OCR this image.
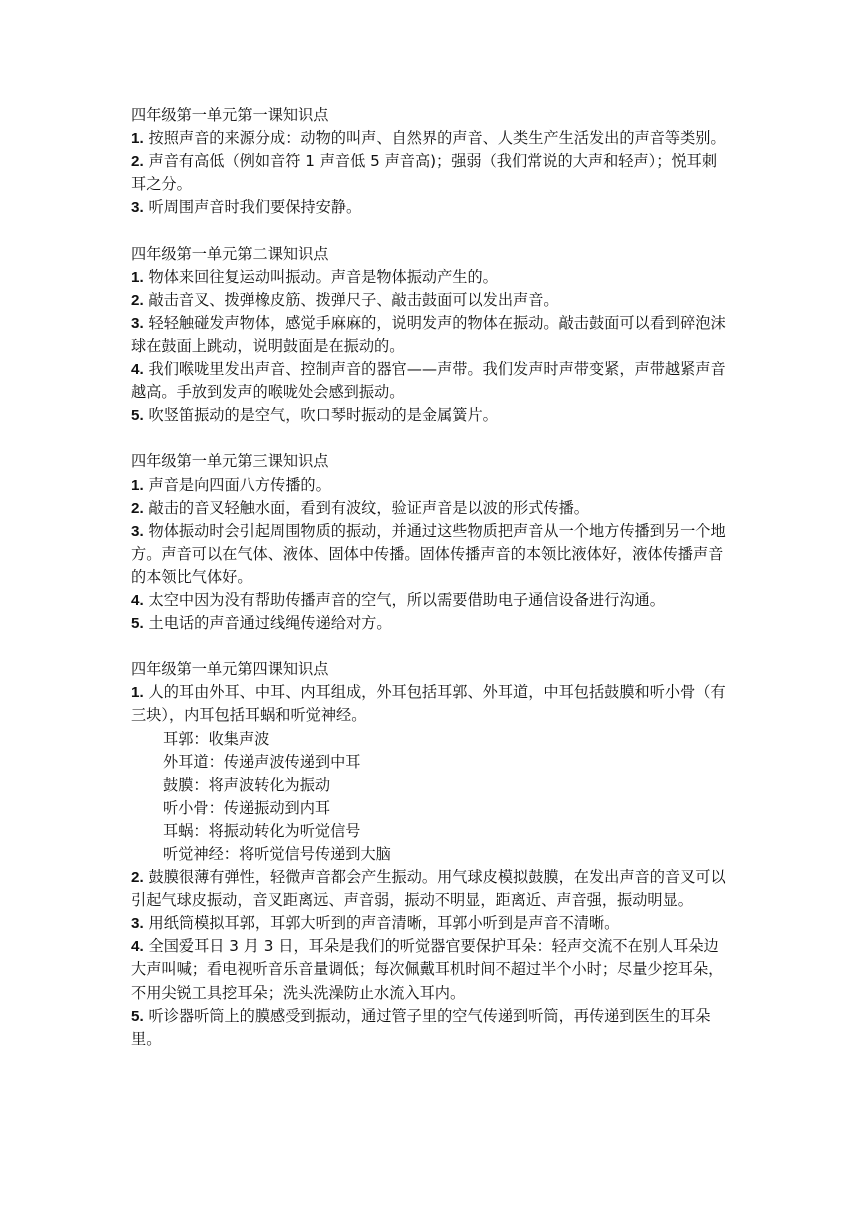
四年级第一单元第一课知识点
1. 按照声音的来源分成：动物的叫声、自然界的声音、人类生产生活发出的声音等类别。
2. 声音有高低（例如音符 1 声音低 5 声音高)；强弱（我们常说的大声和轻声）；悦耳刺耳之分。
3. 听周围声音时我们要保持安静。
四年级第一单元第二课知识点
1. 物体来回往复运动叫振动。声音是物体振动产生的。
2. 敲击音叉、拨弹橡皮筋、拨弹尺子、敲击鼓面可以发出声音。
3. 轻轻触碰发声物体，感觉手麻麻的，说明发声的物体在振动。敲击鼓面可以看到碎泡沫球在鼓面上跳动，说明鼓面是在振动的。
4. 我们喉咙里发出声音、控制声音的器官——声带。我们发声时声带变紧，声带越紧声音越高。手放到发声的喉咙处会感到振动。
5. 吹竖笛振动的是空气，吹口琴时振动的是金属簧片。
四年级第一单元第三课知识点
1. 声音是向四面八方传播的。
2. 敲击的音叉轻触水面，看到有波纹，验证声音是以波的形式传播。
3. 物体振动时会引起周围物质的振动，并通过这些物质把声音从一个地方传播到另一个地方。声音可以在气体、液体、固体中传播。固体传播声音的本领比液体好，液体传播声音的本领比气体好。
4. 太空中因为没有帮助传播声音的空气，所以需要借助电子通信设备进行沟通。
5. 土电话的声音通过线绳传递给对方。
四年级第一单元第四课知识点
1. 人的耳由外耳、中耳、内耳组成，外耳包括耳郭、外耳道，中耳包括鼓膜和听小骨（有三块），内耳包括耳蜗和听觉神经。
耳郭：收集声波
外耳道：传递声波传递到中耳
鼓膜：将声波转化为振动
听小骨：传递振动到内耳
耳蜗：将振动转化为听觉信号
听觉神经：将听觉信号传递到大脑
2. 鼓膜很薄有弹性，轻微声音都会产生振动。用气球皮模拟鼓膜，在发出声音的音叉可以引起气球皮振动，音叉距离远、声音弱，振动不明显，距离近、声音强，振动明显。
3. 用纸筒模拟耳郭，耳郭大听到的声音清晰，耳郭小听到是声音不清晰。
4. 全国爱耳日 3 月 3 日，耳朵是我们的听觉器官要保护耳朵：轻声交流不在别人耳朵边大声叫喊；看电视听音乐音量调低；每次佩戴耳机时间不超过半个小时；尽量少挖耳朵，不用尖锐工具挖耳朵；洗头洗澡防止水流入耳内。
5. 听诊器听筒上的膜感受到振动，通过管子里的空气传递到听筒，再传递到医生的耳朵里。
